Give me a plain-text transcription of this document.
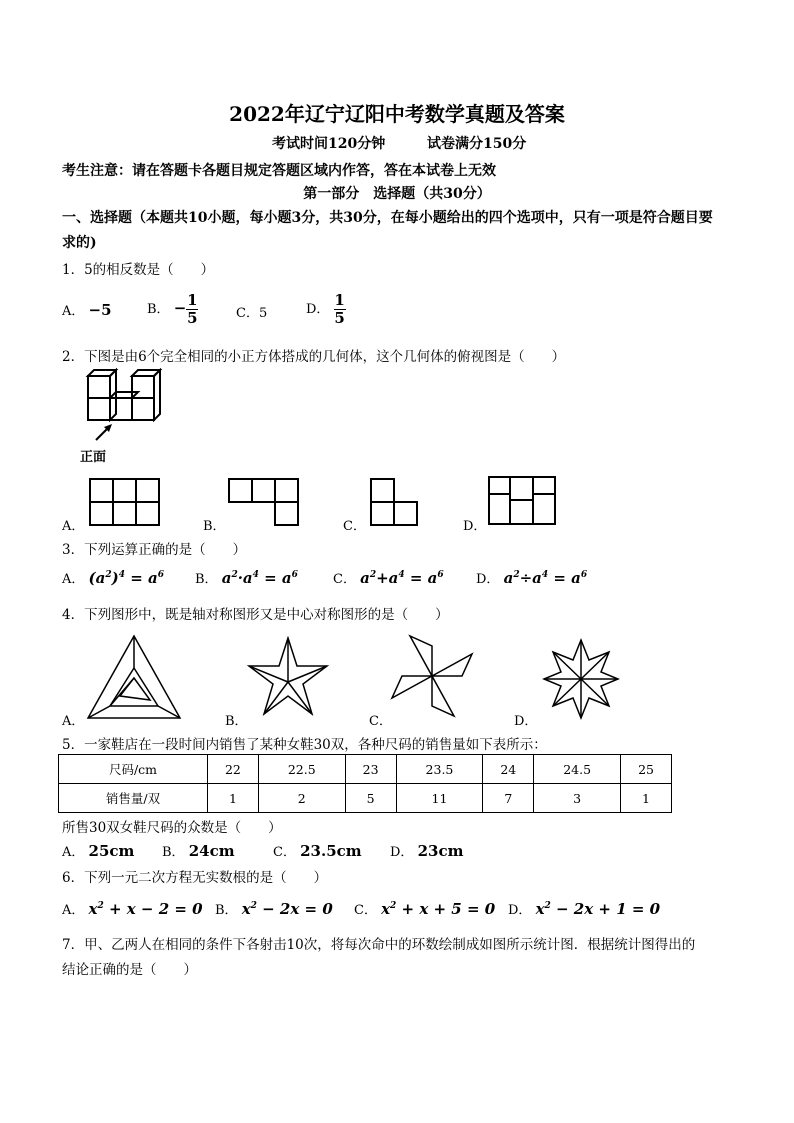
2022年辽宁辽阳中考数学真题及答案
考试时间120分钟	试卷满分150分
考生注意：请在答题卡各题目规定答题区域内作答，答在本试卷上无效
第一部分　选择题（共30分）
一、选择题（本题共10小题，每小题3分，共30分，在每小题给出的四个选项中，只有一项是符合题目要
求的)
1．5的相反数是（　　）
A． −5	B． − $\frac{1}{5}$	C．5	D． $\frac{1}{5}$
2．下图是由6个完全相同的小正方体搭成的几何体，这个几何体的俯视图是（　　）
正面
A．	B．	C．	D．
3．下列运算正确的是（　　）
A． $(a^2)^4 = a^6$ B． $a^2\cdot a^4 = a^6$	C． $a^2+a^4 = a^6$ D． $a^2\div a^4 = a^6$
4．下列图形中，既是轴对称图形又是中心对称图形的是（　　）
A．	B．	C．	D．
5．一家鞋店在一段时间内销售了某种女鞋30双，各种尺码的销售量如下表所示：
尺码/cm	22	22.5	23	23.5	24	24.5	25
销售量/双	1	2	5	11	7	3	1
所售30双女鞋尺码的众数是（　　）
A． 25cm B． 24cm	C． 23.5cm D． 23cm
6．下列一元二次方程无实数根的是（　　）
A． $x^2 + x - 2 = 0$ B． $x^2 - 2x = 0$ C． $x^2 + x + 5 = 0$ D． $x^2 - 2x + 1 = 0$
7．甲、乙两人在相同的条件下各射击10次，将每次命中的环数绘制成如图所示统计图．根据统计图得出的
结论正确的是（　　）
